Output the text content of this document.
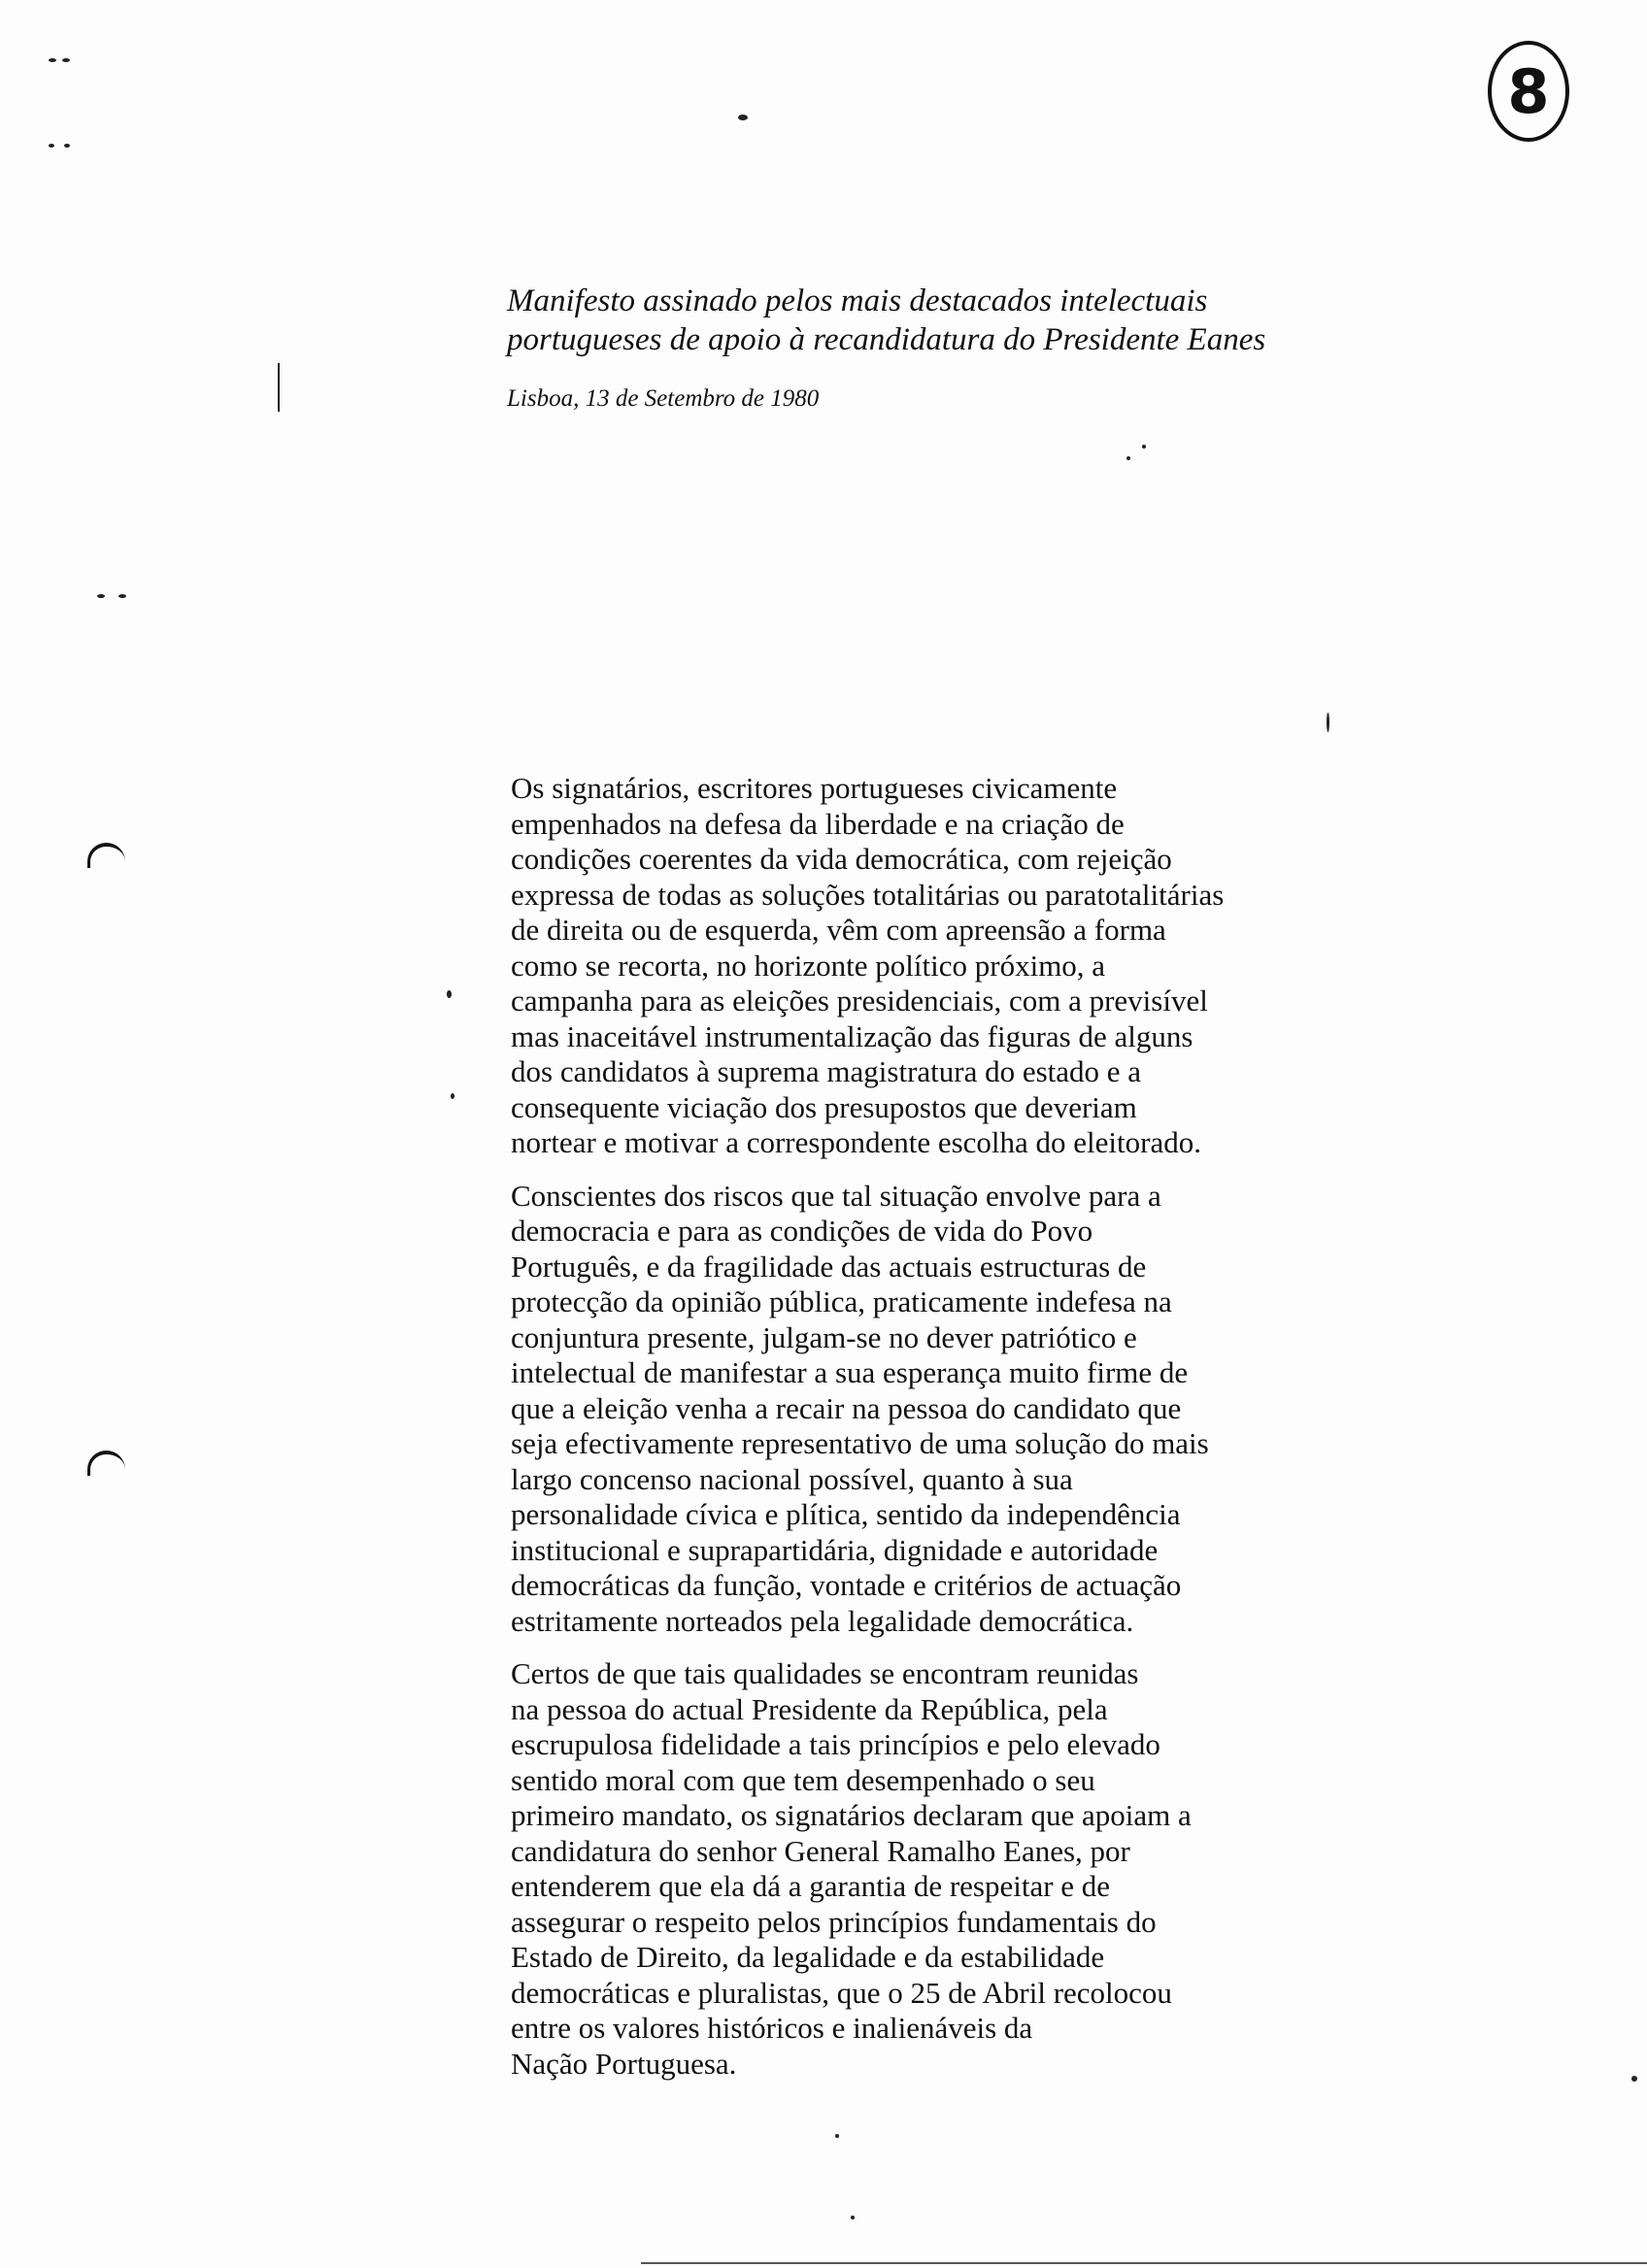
8
Manifesto assinado pelos mais destacados intelectuais
portugueses de apoio à recandidatura do Presidente Eanes
Lisboa, 13 de Setembro de 1980

Os signatários, escritores portugueses civicamente
empenhados na defesa da liberdade e na criação de
condições coerentes da vida democrática, com rejeição
expressa de todas as soluções totalitárias ou paratotalitárias
de direita ou de esquerda, vêm com apreensão a forma
como se recorta, no horizonte político próximo, a
campanha para as eleições presidenciais, com a previsível
mas inaceitável instrumentalização das figuras de alguns
dos candidatos à suprema magistratura do estado e a
consequente viciação dos presupostos que deveriam
nortear e motivar a correspondente escolha do eleitorado.

Conscientes dos riscos que tal situação envolve para a
democracia e para as condições de vida do Povo
Português, e da fragilidade das actuais estructuras de
protecção da opinião pública, praticamente indefesa na
conjuntura presente, julgam-se no dever patriótico e
intelectual de manifestar a sua esperança muito firme de
que a eleição venha a recair na pessoa do candidato que
seja efectivamente representativo de uma solução do mais
largo concenso nacional possível, quanto à sua
personalidade cívica e plítica, sentido da independência
institucional e suprapartidária, dignidade e autoridade
democráticas da função, vontade e critérios de actuação
estritamente norteados pela legalidade democrática.

Certos de que tais qualidades se encontram reunidas
na pessoa do actual Presidente da República, pela
escrupulosa fidelidade a tais princípios e pelo elevado
sentido moral com que tem desempenhado o seu
primeiro mandato, os signatários declaram que apoiam a
candidatura do senhor General Ramalho Eanes, por
entenderem que ela dá a garantia de respeitar e de
assegurar o respeito pelos princípios fundamentais do
Estado de Direito, da legalidade e da estabilidade
democráticas e pluralistas, que o 25 de Abril recolocou
entre os valores históricos e inalienáveis da
Nação Portuguesa.
